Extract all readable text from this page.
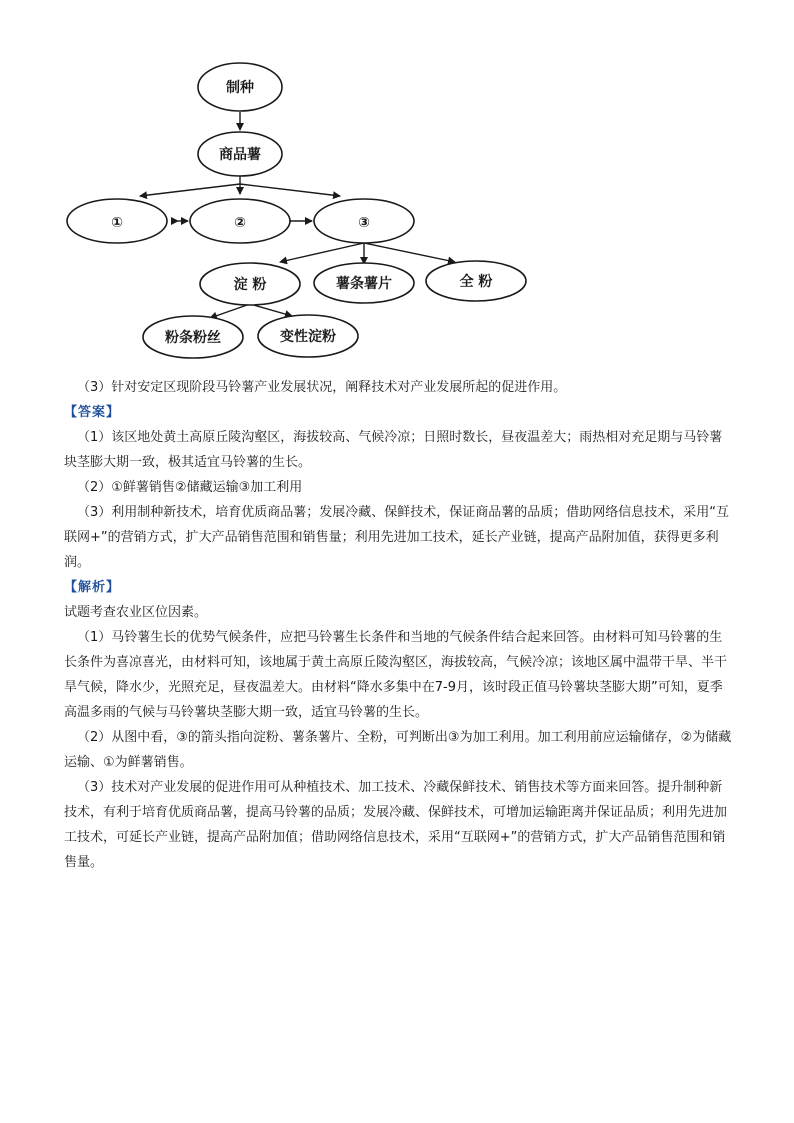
制种
商品薯
①	②	③
淀 粉	薯条薯片	全 粉
粉条粉丝	变性淀粉

（3）针对安定区现阶段马铃薯产业发展状况，阐释技术对产业发展所起的促进作用。

【答案】

（1）该区地处黄土高原丘陵沟壑区，海拔较高、气候冷凉；日照时数长，昼夜温差大；雨热相对充足期与马铃薯块茎膨大期一致，极其适宜马铃薯的生长。

（2）①鲜薯销售②储藏运输③加工利用

（3）利用制种新技术，培育优质商品薯；发展冷藏、保鲜技术，保证商品薯的品质；借助网络信息技术，采用“互联网+”的营销方式，扩大产品销售范围和销售量；利用先进加工技术，延长产业链，提高产品附加值，获得更多利润。

【解析】

试题考查农业区位因素。

（1）马铃薯生长的优势气候条件，应把马铃薯生长条件和当地的气候条件结合起来回答。由材料可知马铃薯的生长条件为喜凉喜光，由材料可知，该地属于黄土高原丘陵沟壑区，海拔较高，气候冷凉；该地区属中温带干旱、半干旱气候，降水少，光照充足，昼夜温差大。由材料“降水多集中在7-9月，该时段正值马铃薯块茎膨大期”可知，夏季高温多雨的气候与马铃薯块茎膨大期一致，适宜马铃薯的生长。

（2）从图中看，③的箭头指向淀粉、薯条薯片、全粉，可判断出③为加工利用。加工利用前应运输储存，②为储藏运输、①为鲜薯销售。

（3）技术对产业发展的促进作用可从种植技术、加工技术、冷藏保鲜技术、销售技术等方面来回答。提升制种新技术，有利于培育优质商品薯，提高马铃薯的品质；发展冷藏、保鲜技术，可增加运输距离并保证品质；利用先进加工技术，可延长产业链，提高产品附加值；借助网络信息技术，采用“互联网+”的营销方式，扩大产品销售范围和销售量。
